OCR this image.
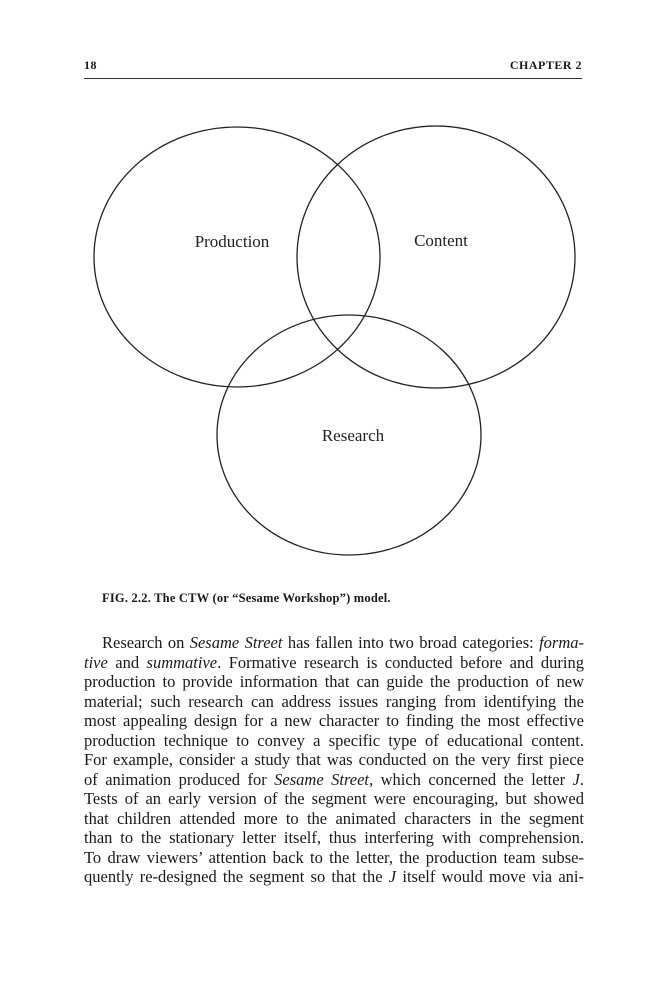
18	CHAPTER 2
Production	Content
Research
FIG. 2.2. The CTW (or “Sesame Workshop”) model.
Research on Sesame Street has fallen into two broad categories: forma-
tive and summative. Formative research is conducted before and during
production to provide information that can guide the production of new
material; such research can address issues ranging from identifying the
most appealing design for a new character to finding the most effective
production technique to convey a specific type of educational content.
For example, consider a study that was conducted on the very first piece
of animation produced for Sesame Street, which concerned the letter J.
Tests of an early version of the segment were encouraging, but showed
that children attended more to the animated characters in the segment
than to the stationary letter itself, thus interfering with comprehension.
To draw viewers’ attention back to the letter, the production team subse-
quently re-designed the segment so that the J itself would move via ani-
